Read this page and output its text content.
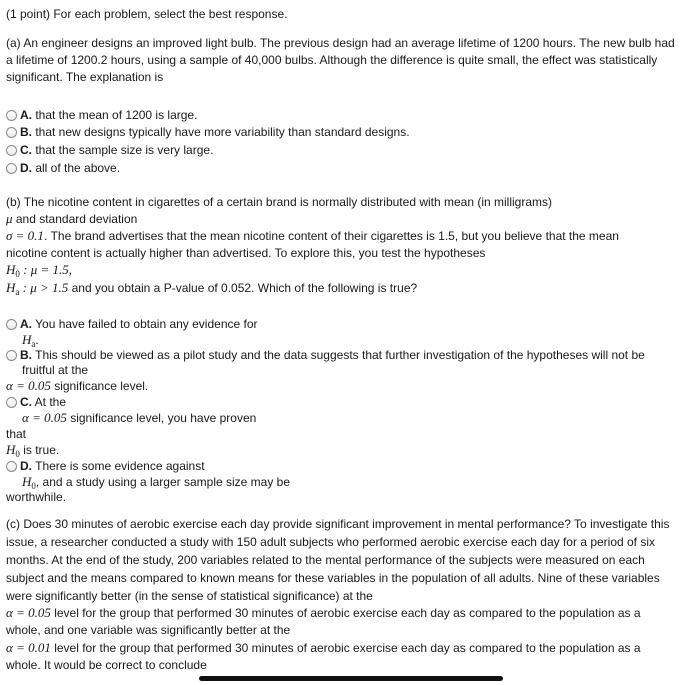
(1 point) For each problem, select the best response.
(a) An engineer designs an improved light bulb. The previous design had an average lifetime of 1200 hours. The new bulb had
a lifetime of 1200.2 hours, using a sample of 40,000 bulbs. Although the difference is quite small, the effect was statistically
significant. The explanation is
A. that the mean of 1200 is large.
B. that new designs typically have more variability than standard designs.
C. that the sample size is very large.
D. all of the above.
(b) The nicotine content in cigarettes of a certain brand is normally distributed with mean (in milligrams)
μ and standard deviation
σ = 0.1. The brand advertises that the mean nicotine content of their cigarettes is 1.5, but you believe that the mean
nicotine content is actually higher than advertised. To explore this, you test the hypotheses
$H_0$ : μ = 1.5,
$H_a$ : μ > 1.5 and you obtain a P-value of 0.052. Which of the following is true?
A. You have failed to obtain any evidence for
$H_a$.
B. This should be viewed as a pilot study and the data suggests that further investigation of the hypotheses will not be
fruitful at the
α = 0.05 significance level.
C. At the
α = 0.05 significance level, you have proven
that
$H_0$ is true.
D. There is some evidence against
$H_0$, and a study using a larger sample size may be
worthwhile.
(c) Does 30 minutes of aerobic exercise each day provide significant improvement in mental performance? To investigate this
issue, a researcher conducted a study with 150 adult subjects who performed aerobic exercise each day for a period of six
months. At the end of the study, 200 variables related to the mental performance of the subjects were measured on each
subject and the means compared to known means for these variables in the population of all adults. Nine of these variables
were significantly better (in the sense of statistical significance) at the
α = 0.05 level for the group that performed 30 minutes of aerobic exercise each day as compared to the population as a
whole, and one variable was significantly better at the
α = 0.01 level for the group that performed 30 minutes of aerobic exercise each day as compared to the population as a
whole. It would be correct to conclude
